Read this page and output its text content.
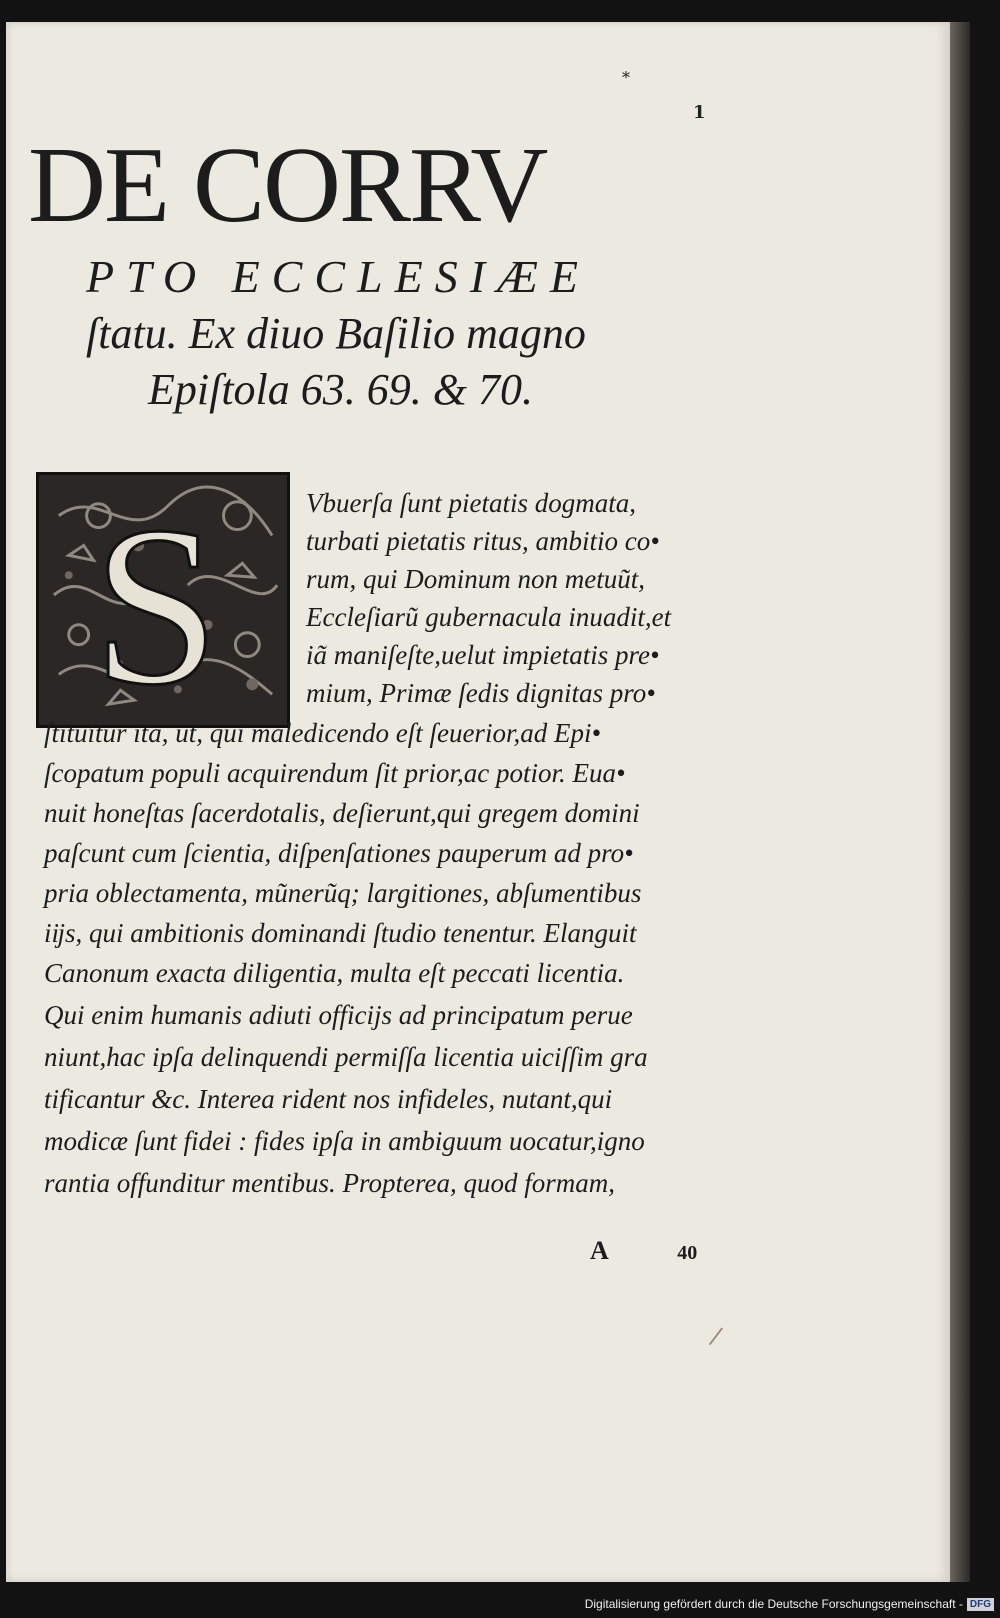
*
1
DE CORRV
PTO ECCLESIÆE
ſtatu. Ex diuo Baſilio magno
Epiſtola 63. 69. & 70.
S	Vbuerſa ſunt pietatis dogmata,
turbati pietatis ritus, ambitio co•
rum, qui Dominum non metuũt,
Eccleſiarũ gubernacula inuadit,et
iã maniſeſte,uelut impietatis pre•
mium, Primæ ſedis dignitas pro•
ſtituitur ita, ut, qui maledicendo eſt ſeuerior,ad Epi•
ſcopatum populi acquirendum ſit prior,ac potior. Eua•
nuit honeſtas ſacerdotalis, deſierunt,qui gregem domini
paſcunt cum ſcientia, diſpenſationes pauperum ad pro•
pria oblectamenta, mũnerũq; largitiones, abſumentibus
iĳs, qui ambitionis dominandi ſtudio tenentur. Elanguit
Canonum exacta diligentia, multa eſt peccati licentia.
Qui enim humanis adiuti officijs ad principatum perue
niunt,hac ipſa delinquendi permiſſa licentia uiciſſim gra
tificantur &c. Interea rident nos infideles, nutant,qui
modicæ ſunt fidei : fides ipſa in ambiguum uocatur,igno
rantia offunditur mentibus. Propterea, quod formam,
A	40
/
Digitalisierung gefördert durch die Deutsche Forschungsgemeinschaft - DFG
